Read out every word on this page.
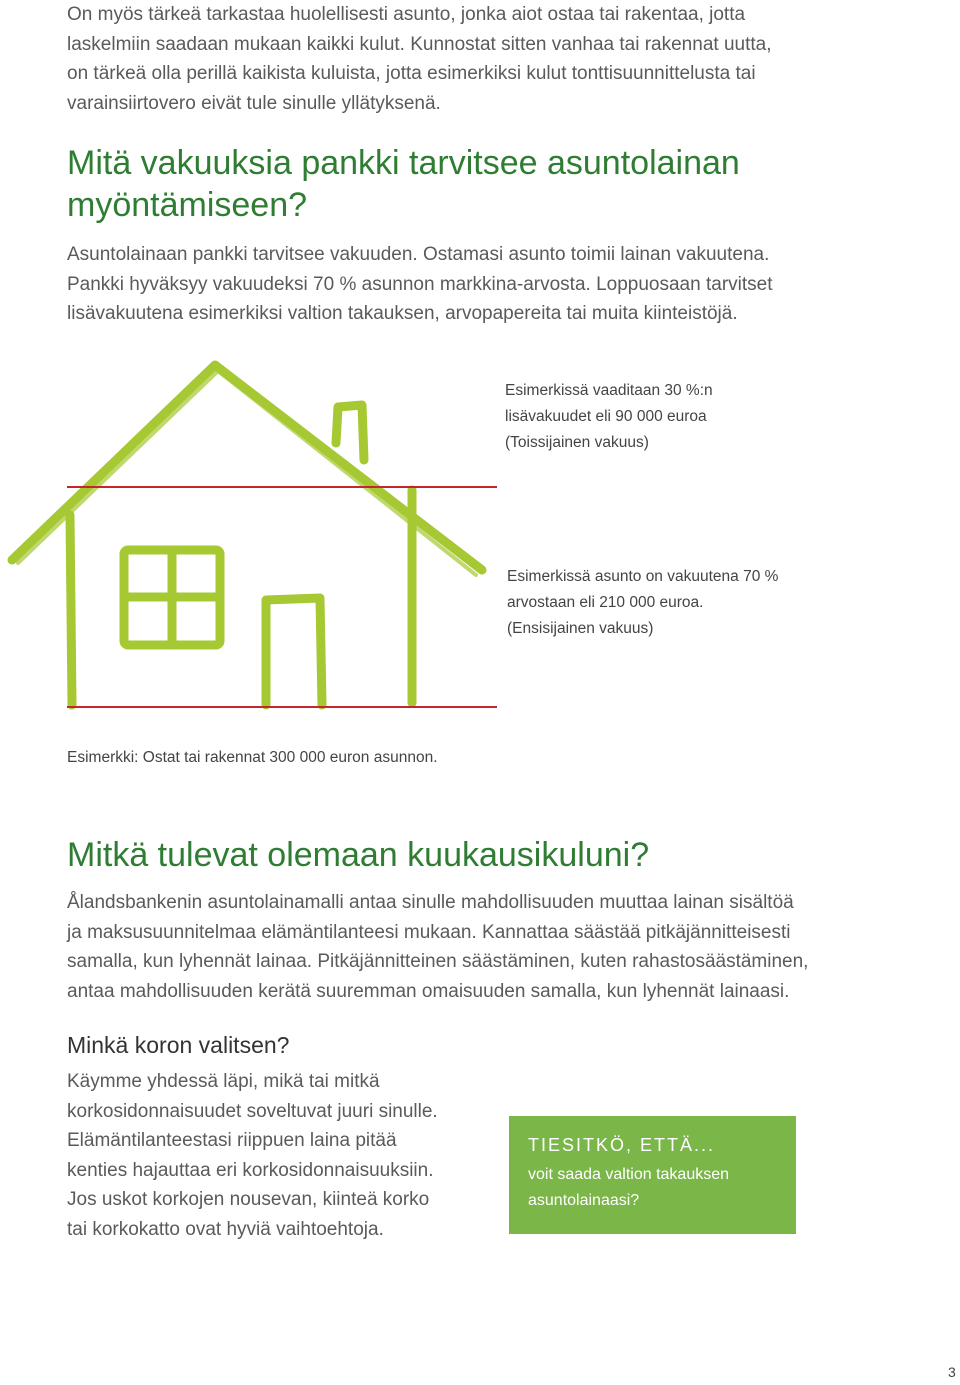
On myös tärkeä tarkastaa huolellisesti asunto, jonka aiot ostaa tai rakentaa, jotta
laskelmiin saadaan mukaan kaikki kulut. Kunnostat sitten vanhaa tai rakennat uutta,
on tärkeä olla perillä kaikista kuluista, jotta esimerkiksi kulut tonttisuunnittelusta tai
varainsiirtovero eivät tule sinulle yllätyksenä.
Mitä vakuuksia pankki tarvitsee asuntolainan myöntämiseen?
Asuntolainaan pankki tarvitsee vakuuden. Ostamasi asunto toimii lainan vakuutena.
Pankki hyväksyy vakuudeksi 70 % asunnon markkina-arvosta. Loppuosaan tarvitset
lisävakuutena esimerkiksi valtion takauksen, arvopapereita tai muita kiinteistöjä.
Esimerkissä vaaditaan 30 %:n
lisävakuudet eli 90 000 euroa
(Toissijainen vakuus)
Esimerkissä asunto on vakuutena 70 %
arvostaan eli 210 000 euroa.
(Ensisijainen vakuus)
Esimerkki: Ostat tai rakennat 300 000 euron asunnon.
Mitkä tulevat olemaan kuukausikuluni?
Ålandsbankenin asuntolainamalli antaa sinulle mahdollisuuden muuttaa lainan sisältöä
ja maksusuunnitelmaa elämäntilanteesi mukaan. Kannattaa säästää pitkäjännitteisesti
samalla, kun lyhennät lainaa. Pitkäjännitteinen säästäminen, kuten rahastosäästäminen,
antaa mahdollisuuden kerätä suuremman omaisuuden samalla, kun lyhennät lainaasi.
Minkä koron valitsen?
Käymme yhdessä läpi, mikä tai mitkä
korkosidonnaisuudet soveltuvat juuri sinulle.
Elämäntilanteestasi riippuen laina pitää
kenties hajauttaa eri korkosidonnaisuuksiin.
Jos uskot korkojen nousevan, kiinteä korko
tai korkokatto ovat hyviä vaihtoehtoja.
TIESITKÖ, ETTÄ...
voit saada valtion takauksen
asuntolainaasi?
3
